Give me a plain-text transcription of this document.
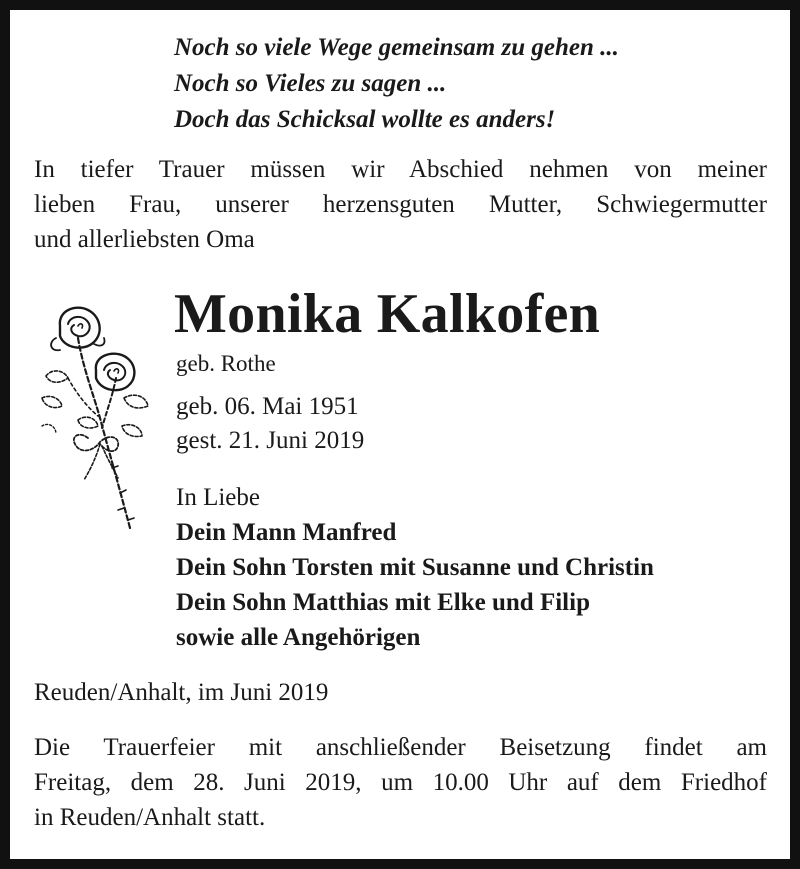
Noch so viele Wege gemeinsam zu gehen ...
Noch so Vieles zu sagen ...
Doch das Schicksal wollte es anders!
In tiefer Trauer müssen wir Abschied nehmen von meiner
lieben Frau, unserer herzensguten Mutter, Schwiegermutter
und allerliebsten Oma
Monika Kalkofen
geb. Rothe
geb. 06. Mai 1951
gest. 21. Juni 2019
In Liebe
Dein Mann Manfred
Dein Sohn Torsten mit Susanne und Christin
Dein Sohn Matthias mit Elke und Filip
sowie alle Angehörigen
Reuden/Anhalt, im Juni 2019
Die Trauerfeier mit anschließender Beisetzung findet am
Freitag, dem 28. Juni 2019, um 10.00 Uhr auf dem Friedhof
in Reuden/Anhalt statt.
